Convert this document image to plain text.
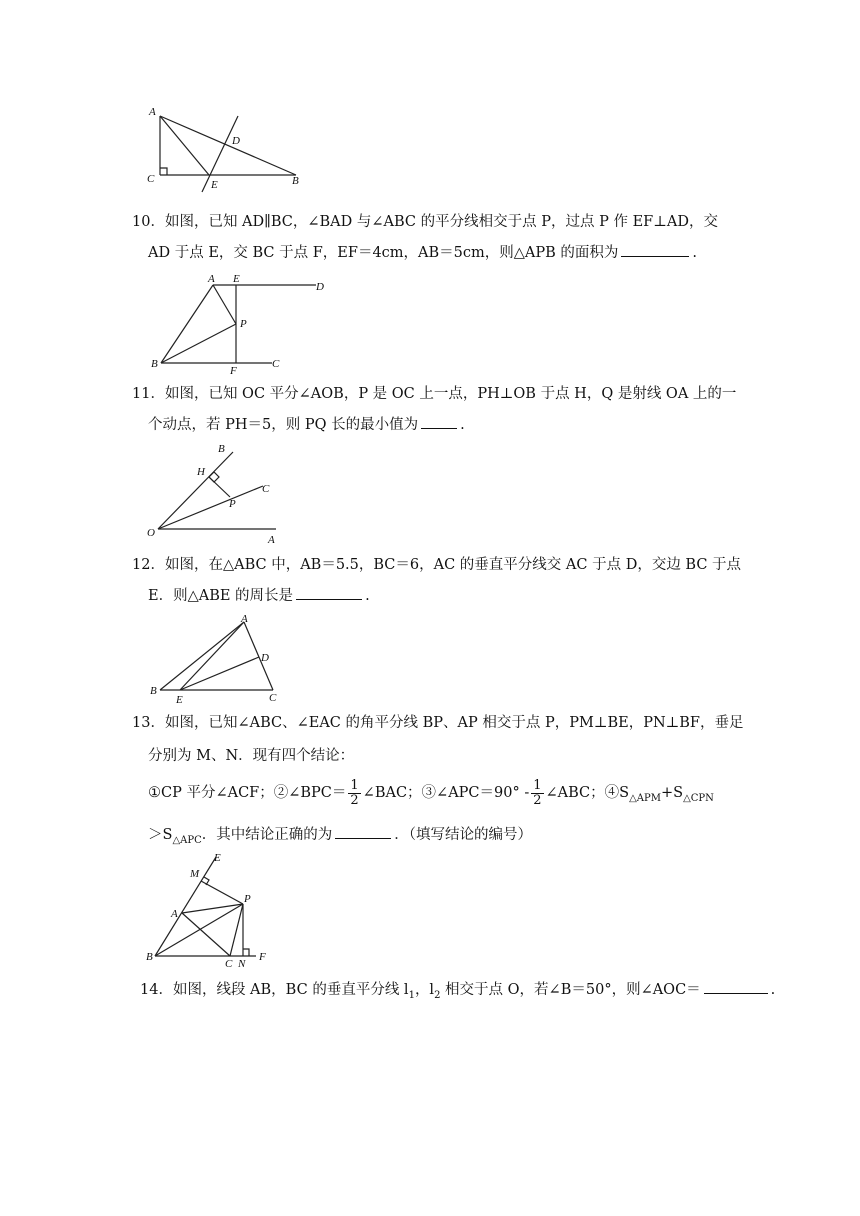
A
D
C	E	B
10．如图，已知 AD∥BC，∠BAD 与∠ABC 的平分线相交于点 P，过点 P 作 EF⊥AD，交
AD 于点 E，交 BC 于点 F，EF＝4cm，AB＝5cm，则△APB 的面积为	.
A E
D
P
B
F
C
11．如图，已知 OC 平分∠AOB，P 是 OC 上一点，PH⊥OB 于点 H，Q 是射线 OA 上的一
个动点，若 PH＝5，则 PQ 长的最小值为	.
B
H
C
P
O
A
12．如图，在△ABC 中，AB＝5.5，BC＝6，AC 的垂直平分线交 AC 于点 D，交边 BC 于点
E．则△ABE 的周长是	.
A
D
B
E	C
13．如图，已知∠ABC、∠EAC 的角平分线 BP、AP 相交于点 P，PM⊥BE，PN⊥BF，垂足
分别为 M、N．现有四个结论：
①CP 平分∠ACF；②∠BPC＝ $\frac{1}{2}$ ∠BAC；③∠APC＝90° - $\frac{1}{2}$ ∠ABC；$④S_{\triangle APM}+S_{\triangle CPN}$
$>S_{\triangle APC}$．其中结论正确的为	．（填写结论的编号）
E
M
P
A
B
C N
F
14．如图，线段 AB，BC 的垂直平分线 $l_1$，$l_2$ 相交于点 O，若∠B＝50°，则∠AOC＝	.
